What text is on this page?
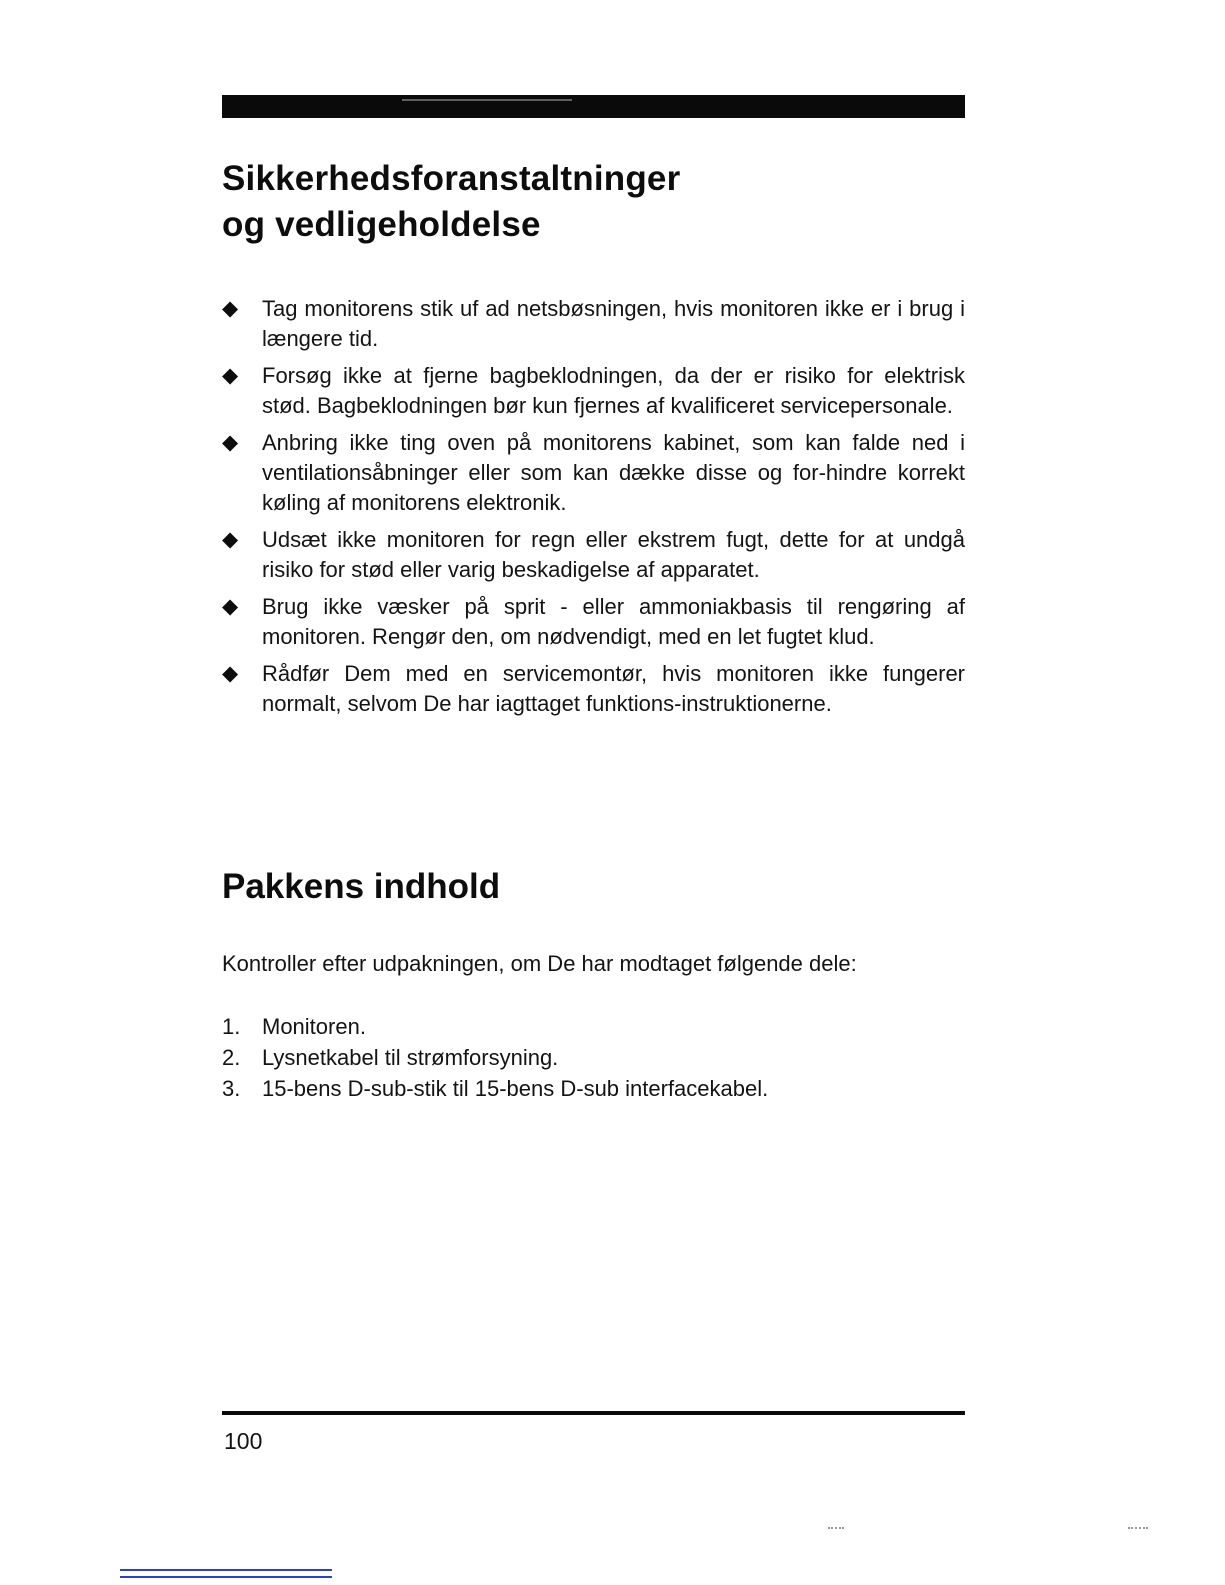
Sikkerhedsforanstaltninger
og vedligeholdelse
◆	Tag monitorens stik uf ad netsbøsningen, hvis monitoren ikke er i brug i længere tid.
◆	Forsøg ikke at fjerne bagbeklodningen, da der er risiko for elektrisk stød. Bagbeklodningen bør kun fjernes af kvalificeret servicepersonale.
◆	Anbring ikke ting oven på monitorens kabinet, som kan falde ned i ventilationsåbninger eller som kan dække disse og for-hindre korrekt køling af monitorens elektronik.
◆	Udsæt ikke monitoren for regn eller ekstrem fugt, dette for at undgå risiko for stød eller varig beskadigelse af apparatet.
◆	Brug ikke væsker på sprit - eller ammoniakbasis til rengøring af monitoren. Rengør den, om nødvendigt, med en let fugtet klud.
◆	Rådfør Dem med en servicemontør, hvis monitoren ikke fungerer normalt, selvom De har iagttaget funktions-instruktionerne.
Pakkens indhold

Kontroller efter udpakningen, om De har modtaget følgende dele:

1. Monitoren.
2. Lysnetkabel til strømforsyning.
3. 15-bens D-sub-stik til 15-bens D-sub interfacekabel.
100
